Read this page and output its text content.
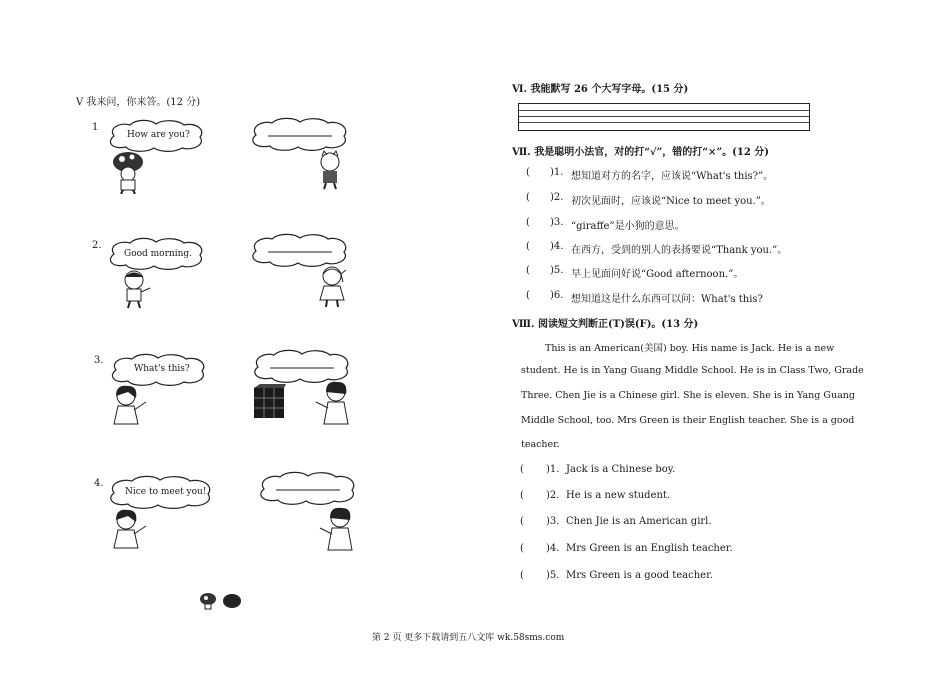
V 我来问，你来答。(12 分)
1
How are you?
2.
Good morning.
3.
What's this?
4.
Nice to meet you!
Ⅵ. 我能默写 26 个大写字母。(15 分)
Ⅶ. 我是聪明小法官，对的打“√”，错的打“×”。(12 分)
( )1. 想知道对方的名字，应该说“What's this?”。
( )2. 初次见面时，应该说“Nice to meet you.”。
( )3. “giraffe”是小狗的意思。
( )4. 在西方，受到的别人的表扬要说“Thank you.”。
( )5. 早上见面问好说“Good afternoon.”。
( )6. 想知道这是什么东西可以问：What's this?
Ⅷ. 阅读短文判断正(T)误(F)。(13 分)
This is an American(美国) boy. His name is Jack. He is a new
student. He is in Yang Guang Middle School. He is in Class Two, Grade
Three. Chen Jie is a Chinese girl. She is eleven. She is in Yang Guang
Middle School, too. Mrs Green is their English teacher. She is a good
teacher.
( )1. Jack is a Chinese boy.
( )2. He is a new student.
( )3. Chen Jie is an American girl.
( )4. Mrs Green is an English teacher.
( )5. Mrs Green is a good teacher.
第 2 页 更多下载请到五八文库 wk.58sms.com
